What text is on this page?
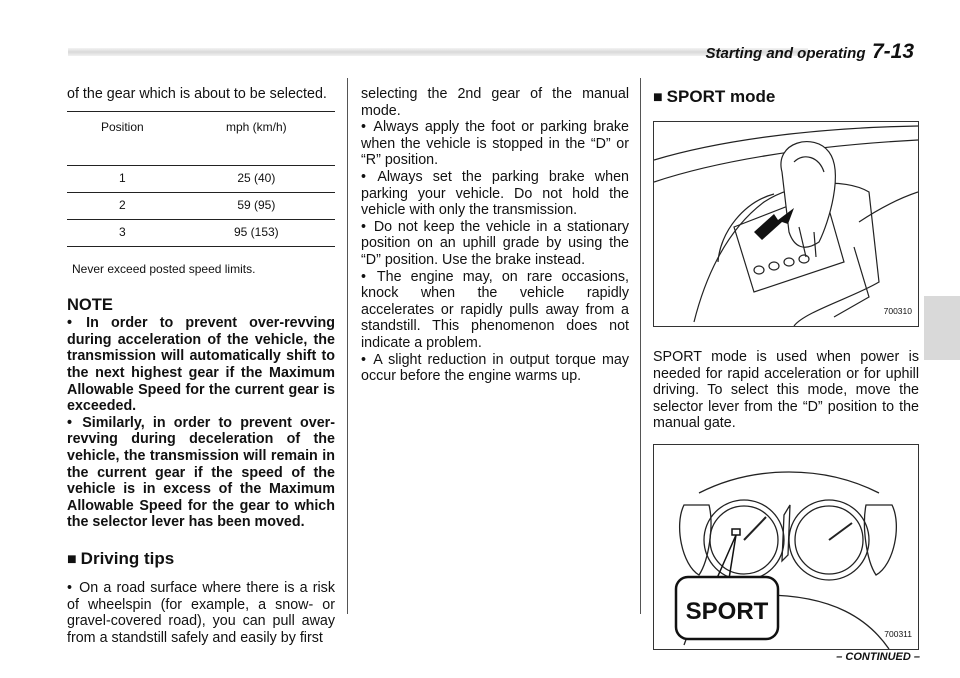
Starting and operating 7-13

of the gear which is about to be selected.

Position	mph (km/h)
1	25 (40)
2	59 (95)
3	95 (153)

Never exceed posted speed limits.

NOTE

• In order to prevent over-revving during acceleration of the vehicle, the transmission will automatically shift to the next highest gear if the Maximum Allowable Speed for the current gear is exceeded.

• Similarly, in order to prevent over-revving during deceleration of the vehicle, the transmission will remain in the current gear if the speed of the vehicle is in excess of the Maximum Allowable Speed for the gear to which the selector lever has been moved.

■ Driving tips

• On a road surface where there is a risk of wheelspin (for example, a snow- or gravel-covered road), you can pull away from a standstill safely and easily by first

selecting the 2nd gear of the manual mode.

• Always apply the foot or parking brake when the vehicle is stopped in the “D” or “R” position.

• Always set the parking brake when parking your vehicle. Do not hold the vehicle with only the transmission.

• Do not keep the vehicle in a stationary position on an uphill grade by using the “D” position. Use the brake instead.

• The engine may, on rare occasions, knock when the vehicle rapidly accelerates or rapidly pulls away from a standstill. This phenomenon does not indicate a problem.

• A slight reduction in output torque may occur before the engine warms up.

■ SPORT mode

700310

SPORT mode is used when power is needed for rapid acceleration or for uphill driving. To select this mode, move the selector lever from the “D” position to the manual gate.

SPORT
700311
– CONTINUED –
